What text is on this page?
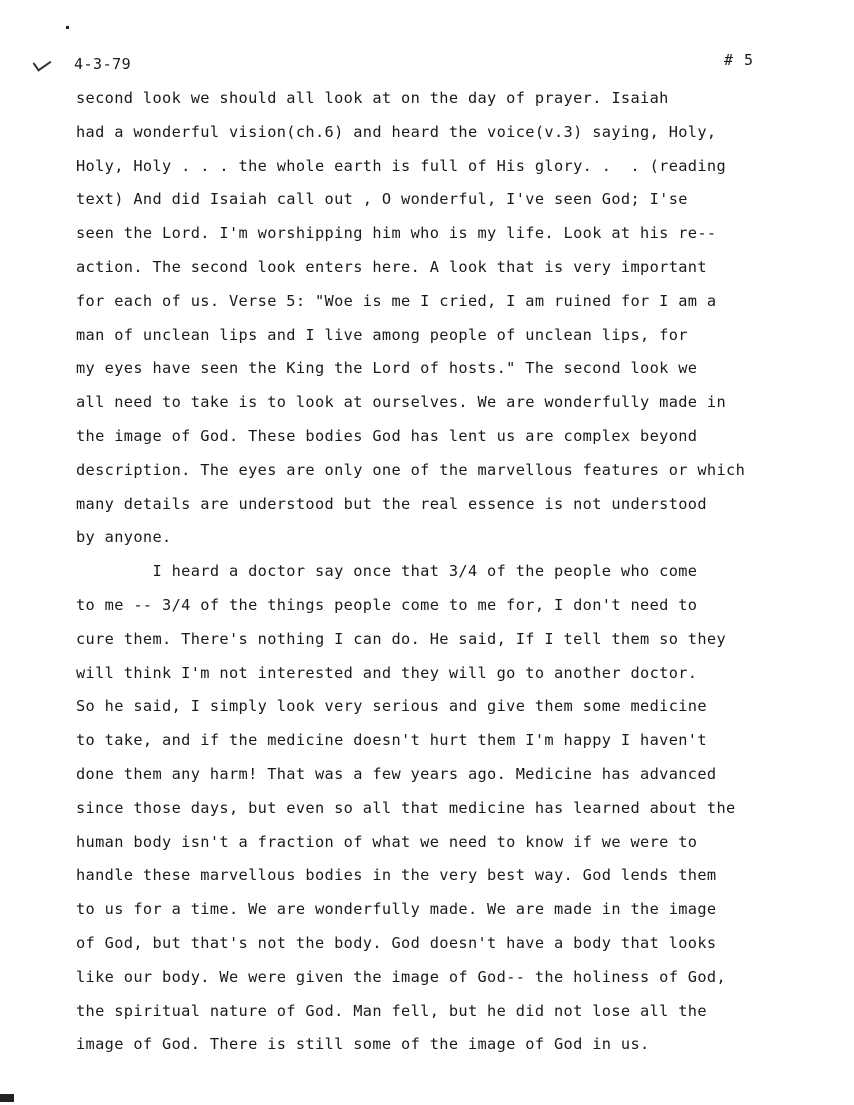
4-3-79	# 5
second look we should all look at on the day of prayer. Isaiah
had a wonderful vision(ch.6) and heard the voice(v.3) saying, Holy,
Holy, Holy . . . the whole earth is full of His glory. .  . (reading
text) And did Isaiah call out , O wonderful, I've seen God; I'se
seen the Lord. I'm worshipping him who is my life. Look at his re--
action. The second look enters here. A look that is very important
for each of us. Verse 5: "Woe is me I cried, I am ruined for I am a
man of unclean lips and I live among people of unclean lips, for
my eyes have seen the King the Lord of hosts." The second look we
all need to take is to look at ourselves. We are wonderfully made in
the image of God. These bodies God has lent us are complex beyond
description. The eyes are only one of the marvellous features or which
many details are understood but the real essence is not understood
by anyone.
I heard a doctor say once that 3/4 of the people who come
to me -- 3/4 of the things people come to me for, I don't need to
cure them. There's nothing I can do. He said, If I tell them so they
will think I'm not interested and they will go to another doctor.
So he said, I simply look very serious and give them some medicine
to take, and if the medicine doesn't hurt them I'm happy I haven't
done them any harm! That was a few years ago. Medicine has advanced
since those days, but even so all that medicine has learned about the
human body isn't a fraction of what we need to know if we were to
handle these marvellous bodies in the very best way. God lends them
to us for a time. We are wonderfully made. We are made in the image
of God, but that's not the body. God doesn't have a body that looks
like our body. We were given the image of God-- the holiness of God,
the spiritual nature of God. Man fell, but he did not lose all the
image of God. There is still some of the image of God in us.
